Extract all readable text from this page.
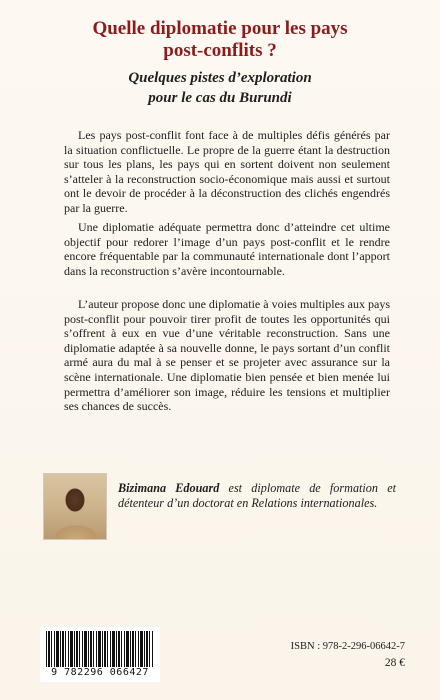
Quelle diplomatie pour les pays
post-conflits ?
Quelques pistes d’exploration
pour le cas du Burundi
Les pays post-conflit font face à de multiples défis générés par la situation conflictuelle. Le propre de la guerre étant la destruction sur tous les plans, les pays qui en sortent doivent non seulement s’atteler à la reconstruction socio-économique mais aussi et surtout ont le devoir de procéder à la déconstruction des clichés engendrés par la guerre.
Une diplomatie adéquate permettra donc d’atteindre cet ultime objectif pour redorer l’image d’un pays post-conflit et le rendre encore fréquentable par la communauté internationale dont l’apport dans la reconstruction s’avère incontournable.
L’auteur propose donc une diplomatie à voies multiples aux pays post-conflit pour pouvoir tirer profit de toutes les opportunités qui s’offrent à eux en vue d’une véritable reconstruction. Sans une diplomatie adaptée à sa nouvelle donne, le pays sortant d’un conflit armé aura du mal à se penser et se projeter avec assurance sur la scène internationale. Une diplomatie bien pensée et bien menée lui permettra d’améliorer son image, réduire les tensions et multiplier ses chances de succès.
Bizimana Edouard est diplomate de formation et détenteur d’un doctorat en Relations internationales.
9 782296 066427
ISBN : 978-2-296-06642-7
28 €
